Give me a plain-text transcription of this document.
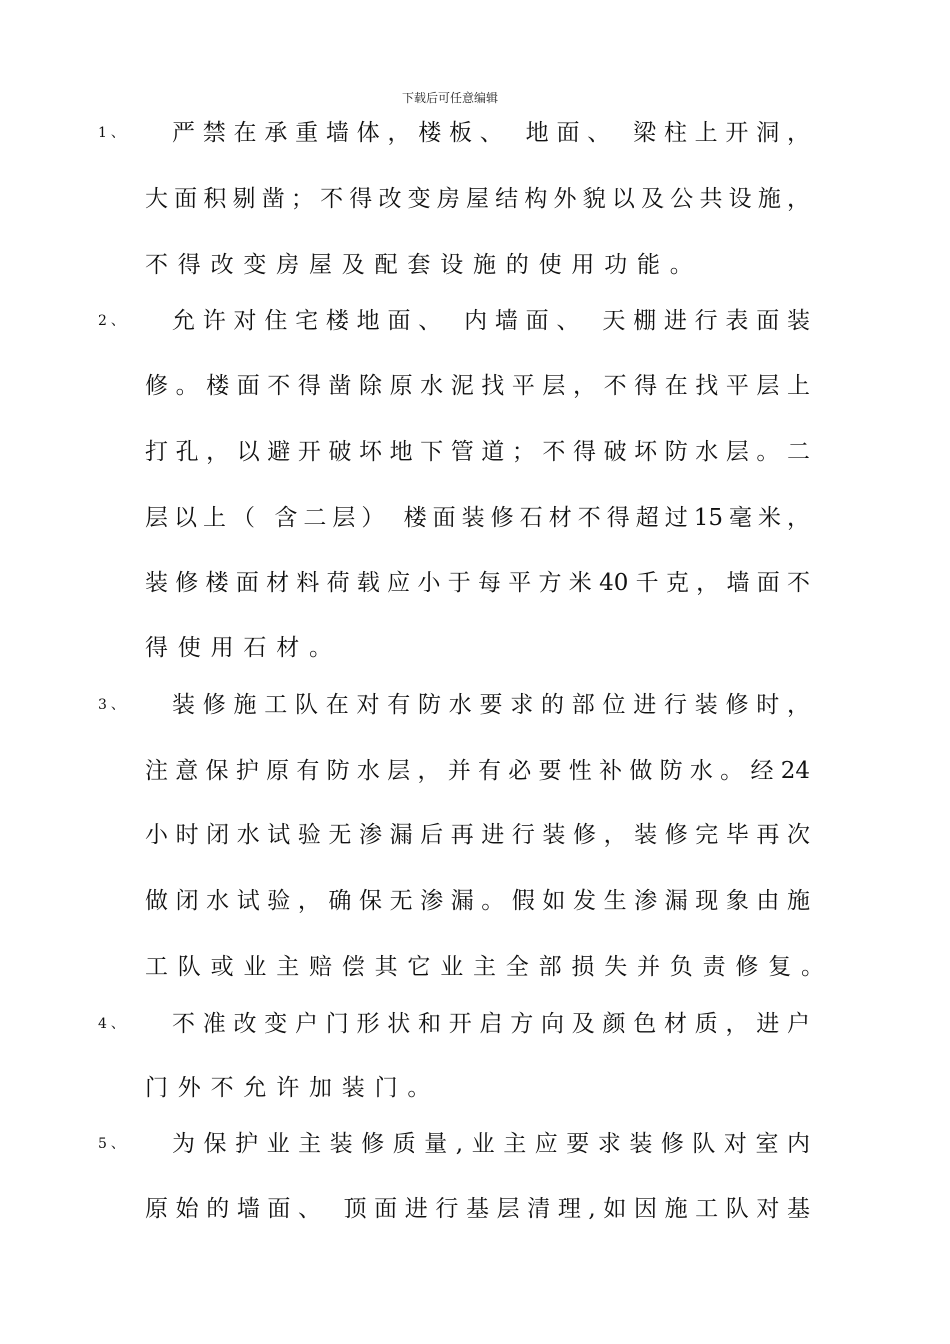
下载后可任意编辑
1、 严禁在承重墙体，楼板、 地面、 梁柱上开洞，
大面积剔凿；不得改变房屋结构外貌以及公共设施，
不得改变房屋及配套设施的使用功能。
2、 允许对住宅楼地面、 内墙面、 天棚进行表面装
修。楼面不得凿除原水泥找平层，不得在找平层上
打孔，以避开破坏地下管道；不得破坏防水层。二
层以上（ 含二层） 楼面装修石材不得超过15毫米，
装修楼面材料荷载应小于每平方米40千克，墙面不
得使用石材。
3、 装修施工队在对有防水要求的部位进行装修时，
注意保护原有防水层，并有必要性补做防水。经24
小时闭水试验无渗漏后再进行装修，装修完毕再次
做闭水试验，确保无渗漏。假如发生渗漏现象由施
工队或业主赔偿其它业主全部损失并负责修复。
4、 不准改变户门形状和开启方向及颜色材质，进户
门外不允许加装门。
5、 为保护业主装修质量,业主应要求装修队对室内
原始的墙面、 顶面进行基层清理,如因施工队对基
